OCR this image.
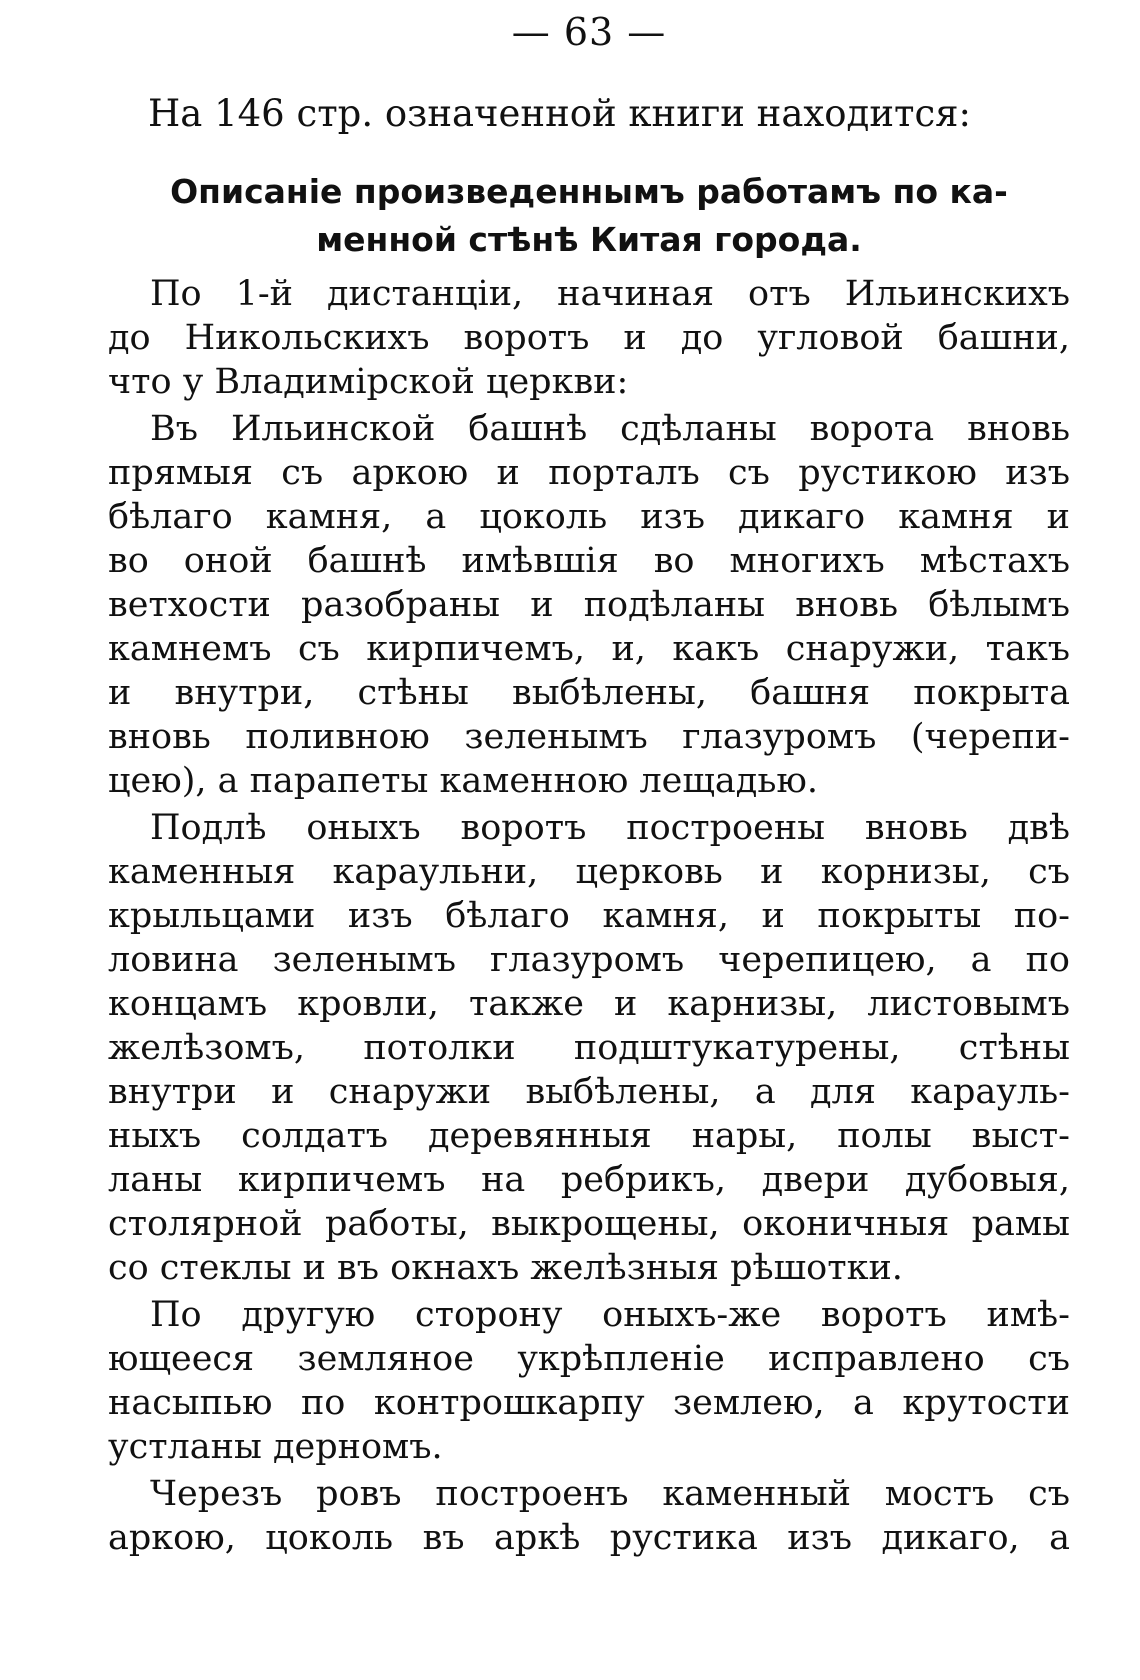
— 63 —
На 146 стр. означенной книги находится:
Описаніе произведеннымъ работамъ по ка-
менной стѣнѣ Китая города.
По 1-й дистанціи, начиная отъ Ильинскихъ
до Никольскихъ воротъ и до угловой башни,
что у Владимірской церкви:
Въ Ильинской башнѣ сдѣланы ворота вновь
прямыя съ аркою и порталъ съ рустикою изъ
бѣлаго камня, а цоколь изъ дикаго камня и
во оной башнѣ имѣвшія во многихъ мѣстахъ
ветхости разобраны и подѣланы вновь бѣлымъ
камнемъ съ кирпичемъ, и, какъ снаружи, такъ
и внутри, стѣны выбѣлены, башня покрыта
вновь поливною зеленымъ глазуромъ (черепи-
цею), а парапеты каменною лещадью.
Подлѣ оныхъ воротъ построены вновь двѣ
каменныя караульни, церковь и корнизы, съ
крыльцами изъ бѣлаго камня, и покрыты по-
ловина зеленымъ глазуромъ черепицею, а по
концамъ кровли, также и карнизы, листовымъ
желѣзомъ, потолки подштукатурены, стѣны
внутри и снаружи выбѣлены, а для карауль-
ныхъ солдатъ деревянныя нары, полы выст-
ланы кирпичемъ на ребрикъ, двери дубовыя,
столярной работы, выкрощены, оконичныя рамы
со стеклы и въ окнахъ желѣзныя рѣшотки.
По другую сторону оныхъ-же воротъ имѣ-
ющееся земляное укрѣпленіе исправлено съ
насыпью по контрошкарпу землею, а крутости
устланы дерномъ.
Черезъ ровъ построенъ каменный мостъ съ
аркою, цоколь въ аркѣ рустика изъ дикаго, а
